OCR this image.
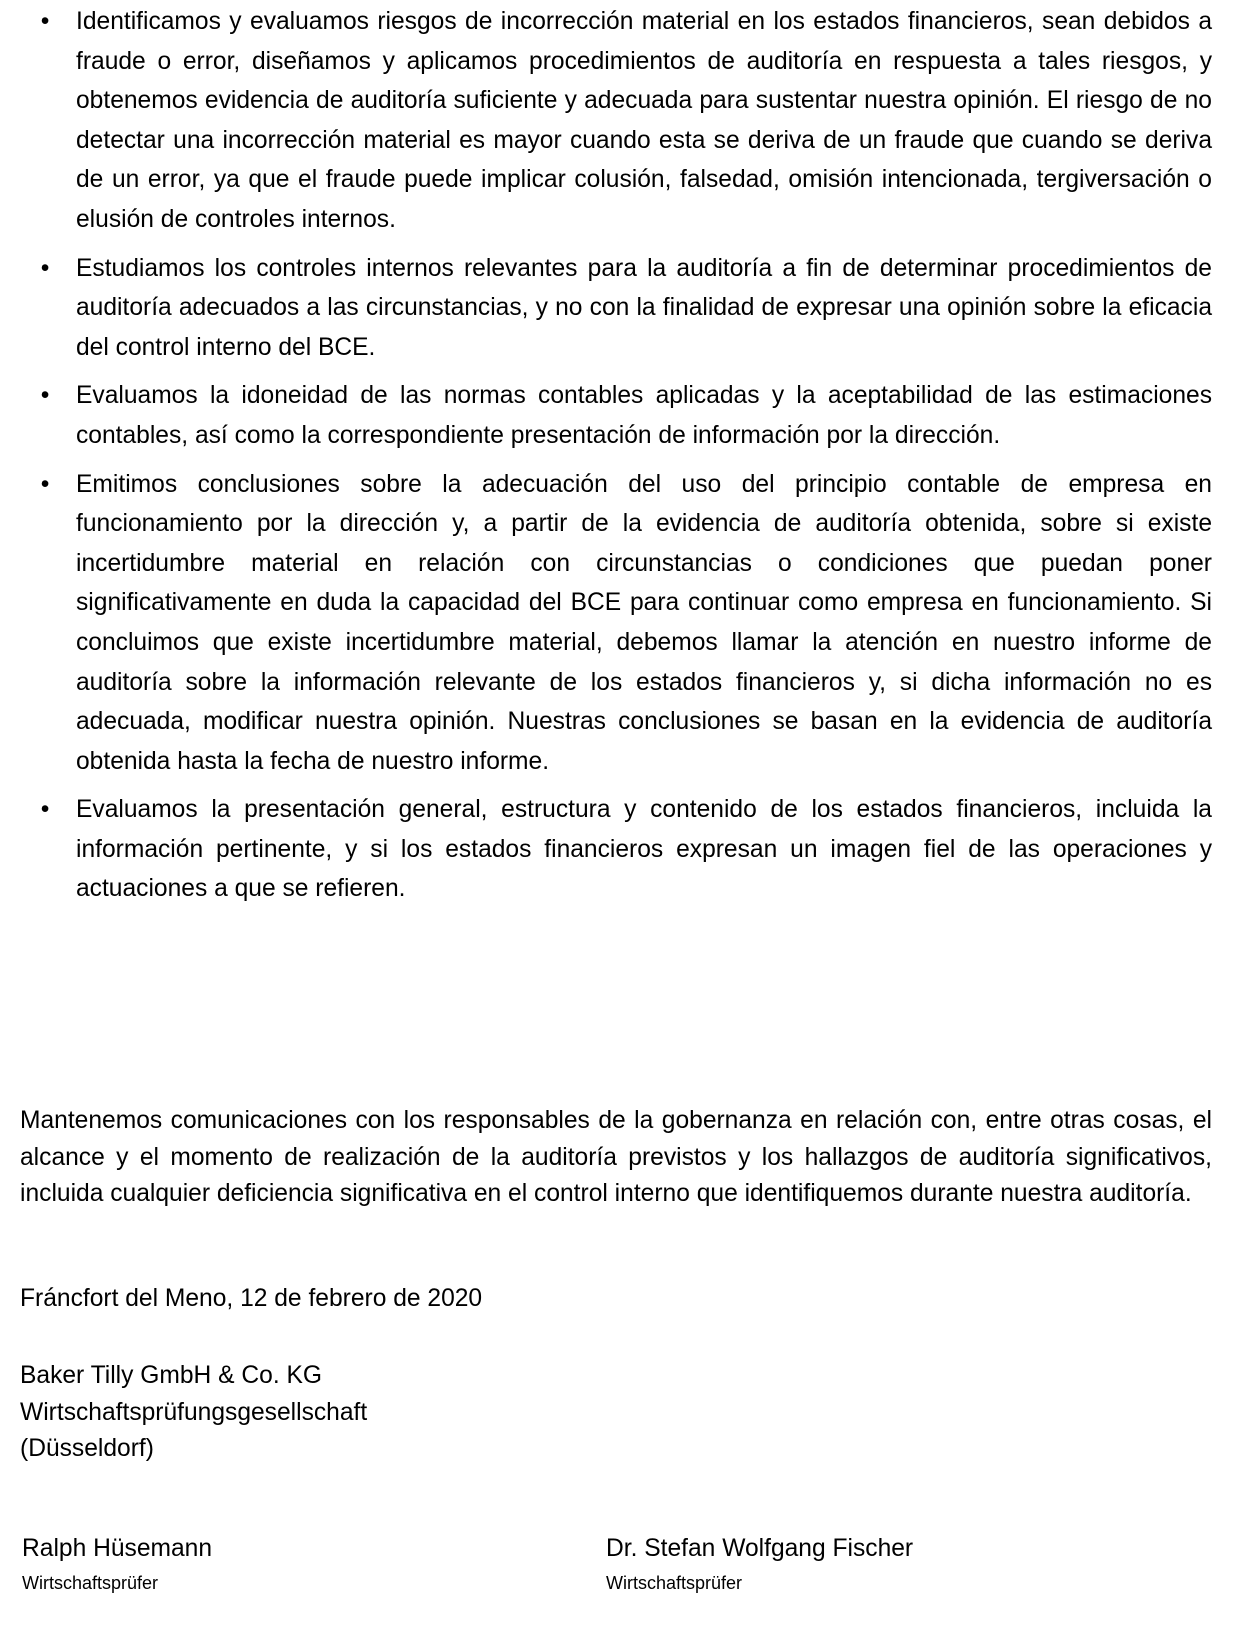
• Identificamos y evaluamos riesgos de incorrección material en los estados financieros, sean debidos a fraude o error, diseñamos y aplicamos procedimientos de auditoría en respuesta a tales riesgos, y obtenemos evidencia de auditoría suficiente y adecuada para sustentar nuestra opinión. El riesgo de no detectar una incorrección material es mayor cuando esta se deriva de un fraude que cuando se deriva de un error, ya que el fraude puede implicar colusión, falsedad, omisión intencionada, tergiversación o elusión de controles internos.
• Estudiamos los controles internos relevantes para la auditoría a fin de determinar procedimientos de auditoría adecuados a las circunstancias, y no con la finalidad de expresar una opinión sobre la eficacia del control interno del BCE.
• Evaluamos la idoneidad de las normas contables aplicadas y la aceptabilidad de las estimaciones contables, así como la correspondiente presentación de información por la dirección.
• Emitimos conclusiones sobre la adecuación del uso del principio contable de empresa en funcionamiento por la dirección y, a partir de la evidencia de auditoría obtenida, sobre si existe incertidumbre material en relación con circunstancias o condiciones que puedan poner significativamente en duda la capacidad del BCE para continuar como empresa en funcionamiento. Si concluimos que existe incertidumbre material, debemos llamar la atención en nuestro informe de auditoría sobre la información relevante de los estados financieros y, si dicha información no es adecuada, modificar nuestra opinión. Nuestras conclusiones se basan en la evidencia de auditoría obtenida hasta la fecha de nuestro informe.
• Evaluamos la presentación general, estructura y contenido de los estados financieros, incluida la información pertinente, y si los estados financieros expresan un imagen fiel de las operaciones y actuaciones a que se refieren.

Mantenemos comunicaciones con los responsables de la gobernanza en relación con, entre otras cosas, el alcance y el momento de realización de la auditoría previstos y los hallazgos de auditoría significativos, incluida cualquier deficiencia significativa en el control interno que identifiquemos durante nuestra auditoría.

Fráncfort del Meno, 12 de febrero de 2020

Baker Tilly GmbH & Co. KG
Wirtschaftsprüfungsgesellschaft
(Düsseldorf)
Ralph Hüsemann
Wirtschaftsprüfer
Dr. Stefan Wolfgang Fischer
Wirtschaftsprüfer
